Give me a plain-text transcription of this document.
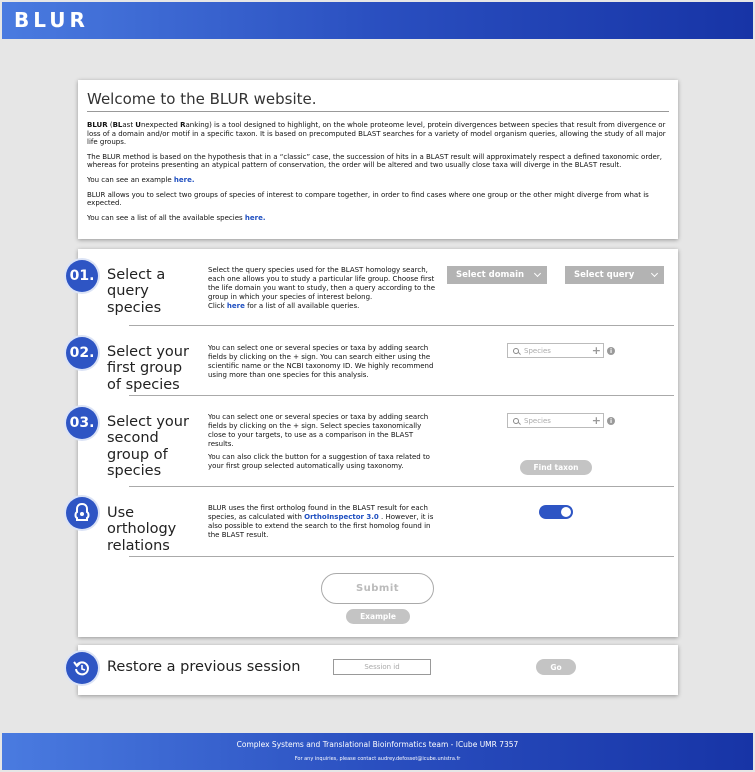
BLUR
Welcome to the BLUR website.

BLUR (BLast Unexpected Ranking) is a tool designed to highlight, on the whole proteome level, protein divergences between species that result from divergence or loss of a domain and/or motif in a specific taxon. It is based on precomputed BLAST searches for a variety of model organism queries, allowing the study of all major life groups.

The BLUR method is based on the hypothesis that in a “classic” case, the succession of hits in a BLAST result will approximately respect a defined taxonomic order, whereas for proteins presenting an atypical pattern of conservation, the order will be altered and two usually close taxa will diverge in the BLAST result.

You can see an example here.

BLUR allows you to select two groups of species of interest to compare together, in order to find cases where one group or the other might diverge from what is expected.

You can see a list of all the available species here.

01. Select a
query
species
Select the query species used for the BLAST homology search, each one allows you to study a particular life group. Choose first the life domain you want to study, then a query according to the group in which your species of interest belong.
Click here for a list of all available queries.
Select domain	Select query
02. Select your
first group
of species
You can select one or several species or taxa by adding search fields by clicking on the + sign. You can search either using the scientific name or the NCBI taxonomy ID. We highly recommend using more than one species for this analysis.
Species	+	i
03. Select your
second
group of
species
You can select one or several species or taxa by adding search fields by clicking on the + sign. Select species taxonomically close to your targets, to use as a comparison in the BLAST results.
You can also click the button for a suggestion of taxa related to your first group selected automatically using taxonomy.
Species	+	i
Find taxon
Use
orthology
relations
BLUR uses the first ortholog found in the BLAST result for each species, as calculated with OrthoInspector 3.0 . However, it is also possible to extend the search to the first homolog found in the BLAST result.
Submit
Example
Restore a previous session	Session id	Go
Complex Systems and Translational Bioinformatics team - ICube UMR 7357
For any inquiries, please contact audrey.defosset@icube.unistra.fr
